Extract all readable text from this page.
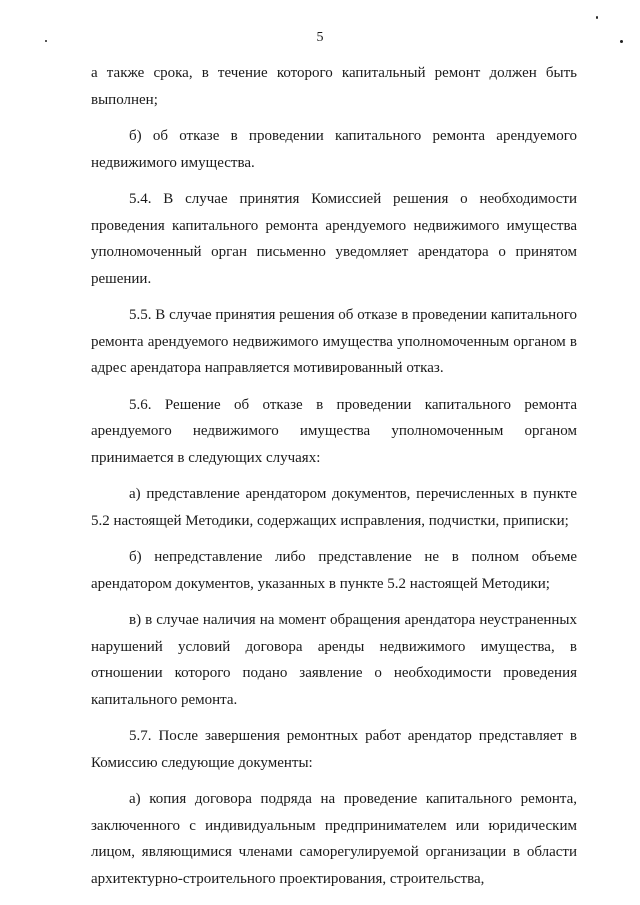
5

а также срока, в течение которого капитальный ремонт должен быть выполнен;

б) об отказе в проведении капитального ремонта арендуемого недвижимого имущества.

5.4. В случае принятия Комиссией решения о необходимости проведения капитального ремонта арендуемого недвижимого имущества уполномоченный орган письменно уведомляет арендатора о принятом решении.

5.5. В случае принятия решения об отказе в проведении капитального ремонта арендуемого недвижимого имущества уполномоченным органом в адрес арендатора направляется мотивированный отказ.

5.6. Решение об отказе в проведении капитального ремонта арендуемого недвижимого имущества уполномоченным органом принимается в следующих случаях:

а) представление арендатором документов, перечисленных в пункте 5.2 настоящей Методики, содержащих исправления, подчистки, приписки;

б) непредставление либо представление не в полном объеме арендатором документов, указанных в пункте 5.2 настоящей Методики;

в) в случае наличия на момент обращения арендатора неустраненных нарушений условий договора аренды недвижимого имущества, в отношении которого подано заявление о необходимости проведения капитального ремонта.

5.7. После завершения ремонтных работ арендатор представляет в Комиссию следующие документы:

а) копия договора подряда на проведение капитального ремонта, заключенного с индивидуальным предпринимателем или юридическим лицом, являющимися членами саморегулируемой организации в области архитектурно-строительного проектирования, строительства,
